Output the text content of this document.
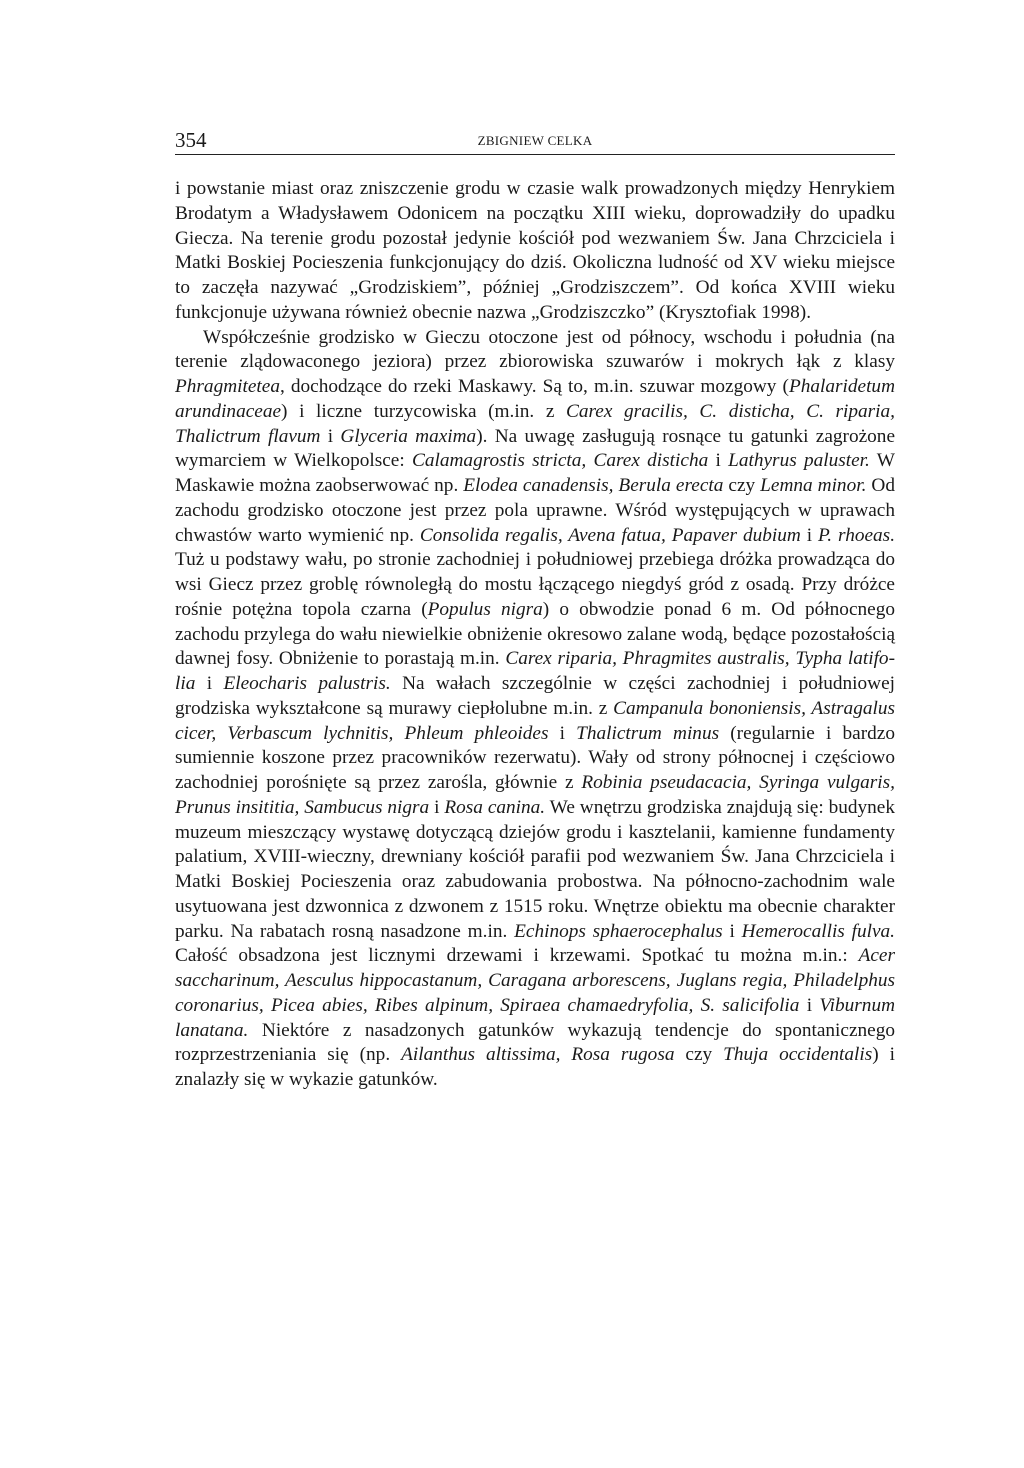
354	ZBIGNIEW CELKA

i powstanie miast oraz zniszczenie grodu w czasie walk prowadzonych między Henrykiem Brodatym a Władysławem Odonicem na początku XIII wieku, doprowadziły do upadku Giecza. Na terenie grodu pozostał jedynie kościół pod wezwaniem Św. Jana Chrzciciela i Matki Boskiej Pocieszenia funkcjonujący do dziś. Okoliczna ludność od XV wieku miejsce to zaczęła nazywać „Grodziskiem”, później „Grodziszczem”. Od końca XVIII wieku funkcjonuje używana również obecnie nazwa „Grodziszczko” (Krysztofiak 1998).

Współcześnie grodzisko w Gieczu otoczone jest od północy, wschodu i południa (na terenie zlądowaconego jeziora) przez zbiorowiska szuwarów i mokrych łąk z klasy Phragmitetea, dochodzące do rzeki Maskawy. Są to, m.in. szuwar mozgowy (Phalaridetum arundinaceae) i liczne turzycowiska (m.in. z Carex gracilis, C. disticha, C. riparia, Thalictrum flavum i Glyceria maxima). Na uwagę zasługują rosnące tu gatunki zagrożone wymarciem w Wielkopolsce: Calamagrostis stricta, Carex disticha i Lathyrus paluster. W Maskawie można zaobserwować np. Elodea canadensis, Berula erecta czy Lemna minor. Od zachodu grodzisko otoczone jest przez pola uprawne. Wśród występujących w uprawach chwastów warto wymienić np. Consolida regalis, Avena fatua, Papaver dubium i P. rhoeas. Tuż u podstawy wału, po stronie zachodniej i południowej przebiega dróżka prowadząca do wsi Giecz przez groblę równoległą do mostu łączącego niegdyś gród z osadą. Przy dróżce rośnie potężna topola czarna (Populus nigra) o obwodzie ponad 6 m. Od północnego zachodu przylega do wału niewielkie obniżenie okresowo zalane wodą, będące pozostałością dawnej fosy. Obniżenie to porastają m.in. Carex riparia, Phragmites australis, Typha latifolia i Eleocharis palustris. Na wałach szczególnie w części zachodniej i południowej grodziska wykształcone są murawy ciepłolubne m.in. z Campanula bononiensis, Astragalus cicer, Verbascum lychnitis, Phleum phleoides i Thalictrum minus (regularnie i bardzo sumiennie koszone przez pracowników rezerwatu). Wały od strony północnej i częściowo zachodniej porośnięte są przez zarośla, głównie z Robinia pseudacacia, Syringa vulgaris, Prunus insititia, Sambucus nigra i Rosa canina. We wnętrzu grodziska znajdują się: budynek muzeum mieszczący wystawę dotyczącą dziejów grodu i kasztelanii, kamienne fundamenty palatium, XVIII-wieczny, drewniany kościół parafii pod wezwaniem Św. Jana Chrzciciela i Matki Boskiej Pocieszenia oraz zabudowania probostwa. Na północno-zachodnim wale usytuowana jest dzwonnica z dzwonem z 1515 roku. Wnętrze obiektu ma obecnie charakter parku. Na rabatach rosną nasadzone m.in. Echinops sphaerocephalus i Hemerocallis fulva. Całość obsadzona jest licznymi drzewami i krzewami. Spotkać tu można m.in.: Acer saccharinum, Aesculus hippocastanum, Caragana arborescens, Juglans regia, Philadelphus coronarius, Picea abies, Ribes alpinum, Spiraea chamaedryfolia, S. salicifolia i Viburnum lanatana. Niektóre z nasadzonych gatunków wykazują tendencje do spontanicznego rozprzestrzeniania się (np. Ailanthus altissima, Rosa rugosa czy Thuja occidentalis) i znalazły się w wykazie gatunków.
